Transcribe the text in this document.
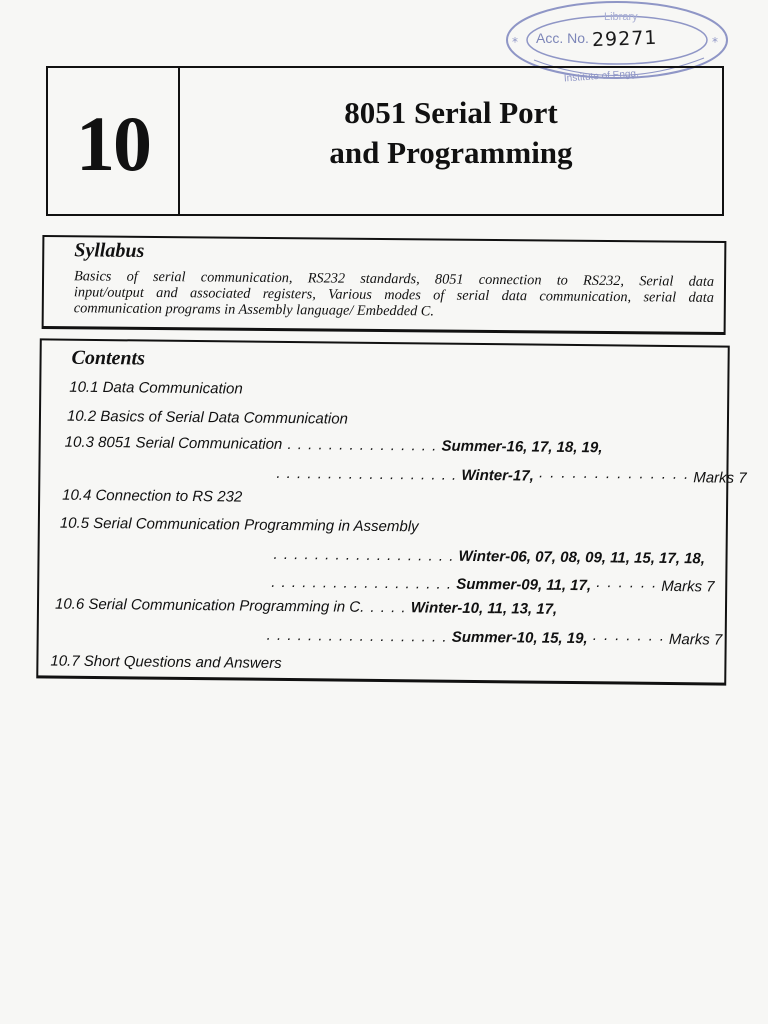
Library
Institute of Engg.
*	*
Acc. No. 29271
10	8051 Serial Port
and Programming

Syllabus

Basics of serial communication, RS232 standards, 8051 connection to RS232, Serial data
input/output and associated registers, Various modes of serial data communication, serial data
communication programs in Assembly language/ Embedded C.

Contents

10.1 Data Communication
10.2 Basics of Serial Data Communication
10.3 8051 Serial Communication . . . . . . . . . . . . . . . Summer-16, 17, 18, 19,
. . . . . . . . . . . . . . . . . . Winter-17, · · · · · · · · · · · · · · Marks 7
10.4 Connection to RS 232
10.5 Serial Communication Programming in Assembly
. . . . . . . . . . . . . . . . . . Winter-06, 07, 08, 09, 11, 15, 17, 18,
. . . . . . . . . . . . . . . . . . Summer-09, 11, 17, · · · · · · Marks 7
10.6 Serial Communication Programming in C. . . . . Winter-10, 11, 13, 17,
. . . . . . . . . . . . . . . . . . Summer-10, 15, 19, · · · · · · · Marks 7
10.7 Short Questions and Answers
